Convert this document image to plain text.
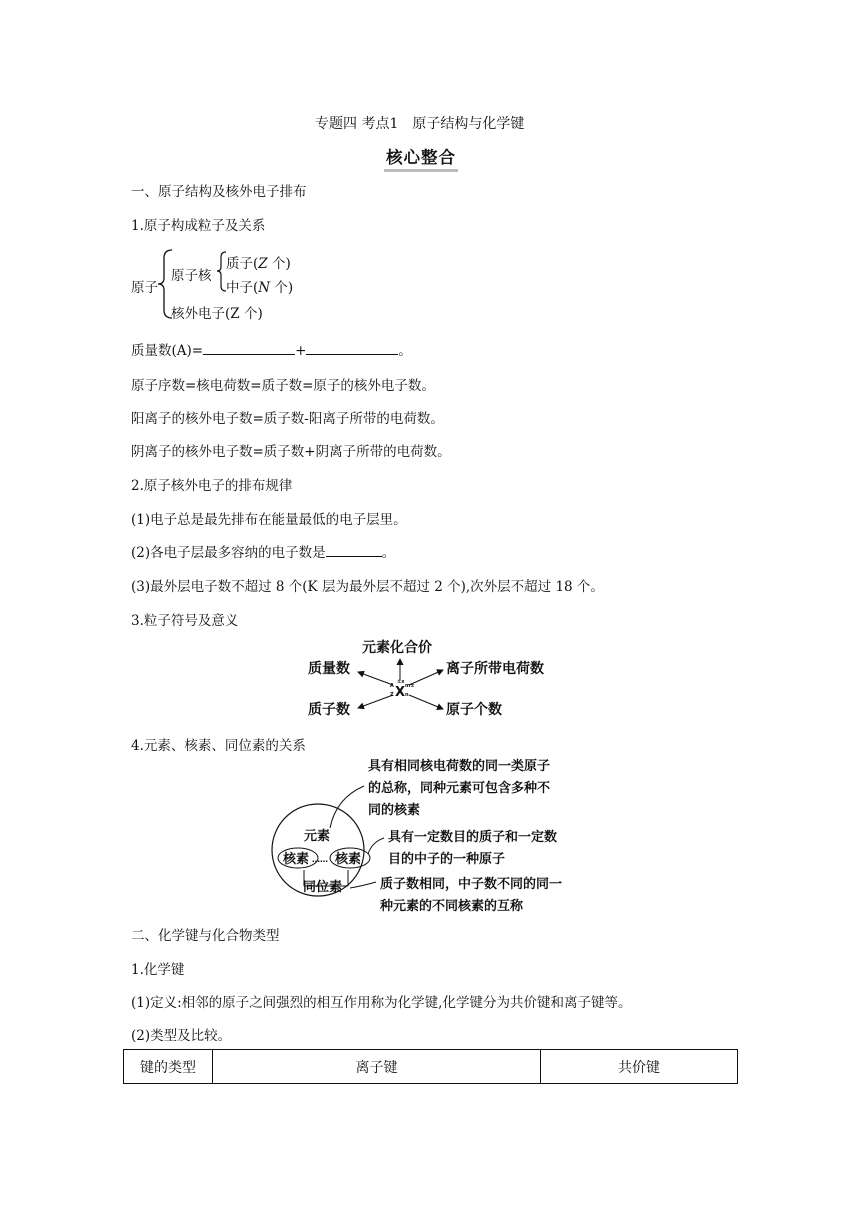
专题四 考点1　原子结构与化学键
核心整合
一、原子结构及核外电子排布
1.原子构成粒子及关系
原子
原子核
质子(Z 个)
中子(N 个)
核外电子(Z 个)
质量数(A)=	+	。
原子序数=核电荷数=质子数=原子的核外电子数。
阳离子的核外电子数=质子数-阳离子所带的电荷数。
阴离子的核外电子数=质子数+阴离子所带的电荷数。
2.原子核外电子的排布规律
(1)电子总是最先排布在能量最低的电子层里。
(2)各电子层最多容纳的电子数是	。
(3)最外层电子数不超过 8 个(K 层为最外层不超过 2 个),次外层不超过 18 个。
3.粒子符号及意义
元素化合价
质量数	离子所带电荷数
质子数	原子个数
X
±x
A
Z
m±
n
4.元素、核素、同位素的关系
元素
核素 核素
……
同位素
具有相同核电荷数的同一类原子
的总称，同种元素可包含多种不
同的核素
具有一定数目的质子和一定数
目的中子的一种原子
质子数相同，中子数不同的同一
种元素的不同核素的互称
二、化学键与化合物类型
1.化学键
(1)定义:相邻的原子之间强烈的相互作用称为化学键,化学键分为共价键和离子键等。
(2)类型及比较。
键的类型	离子键	共价键
